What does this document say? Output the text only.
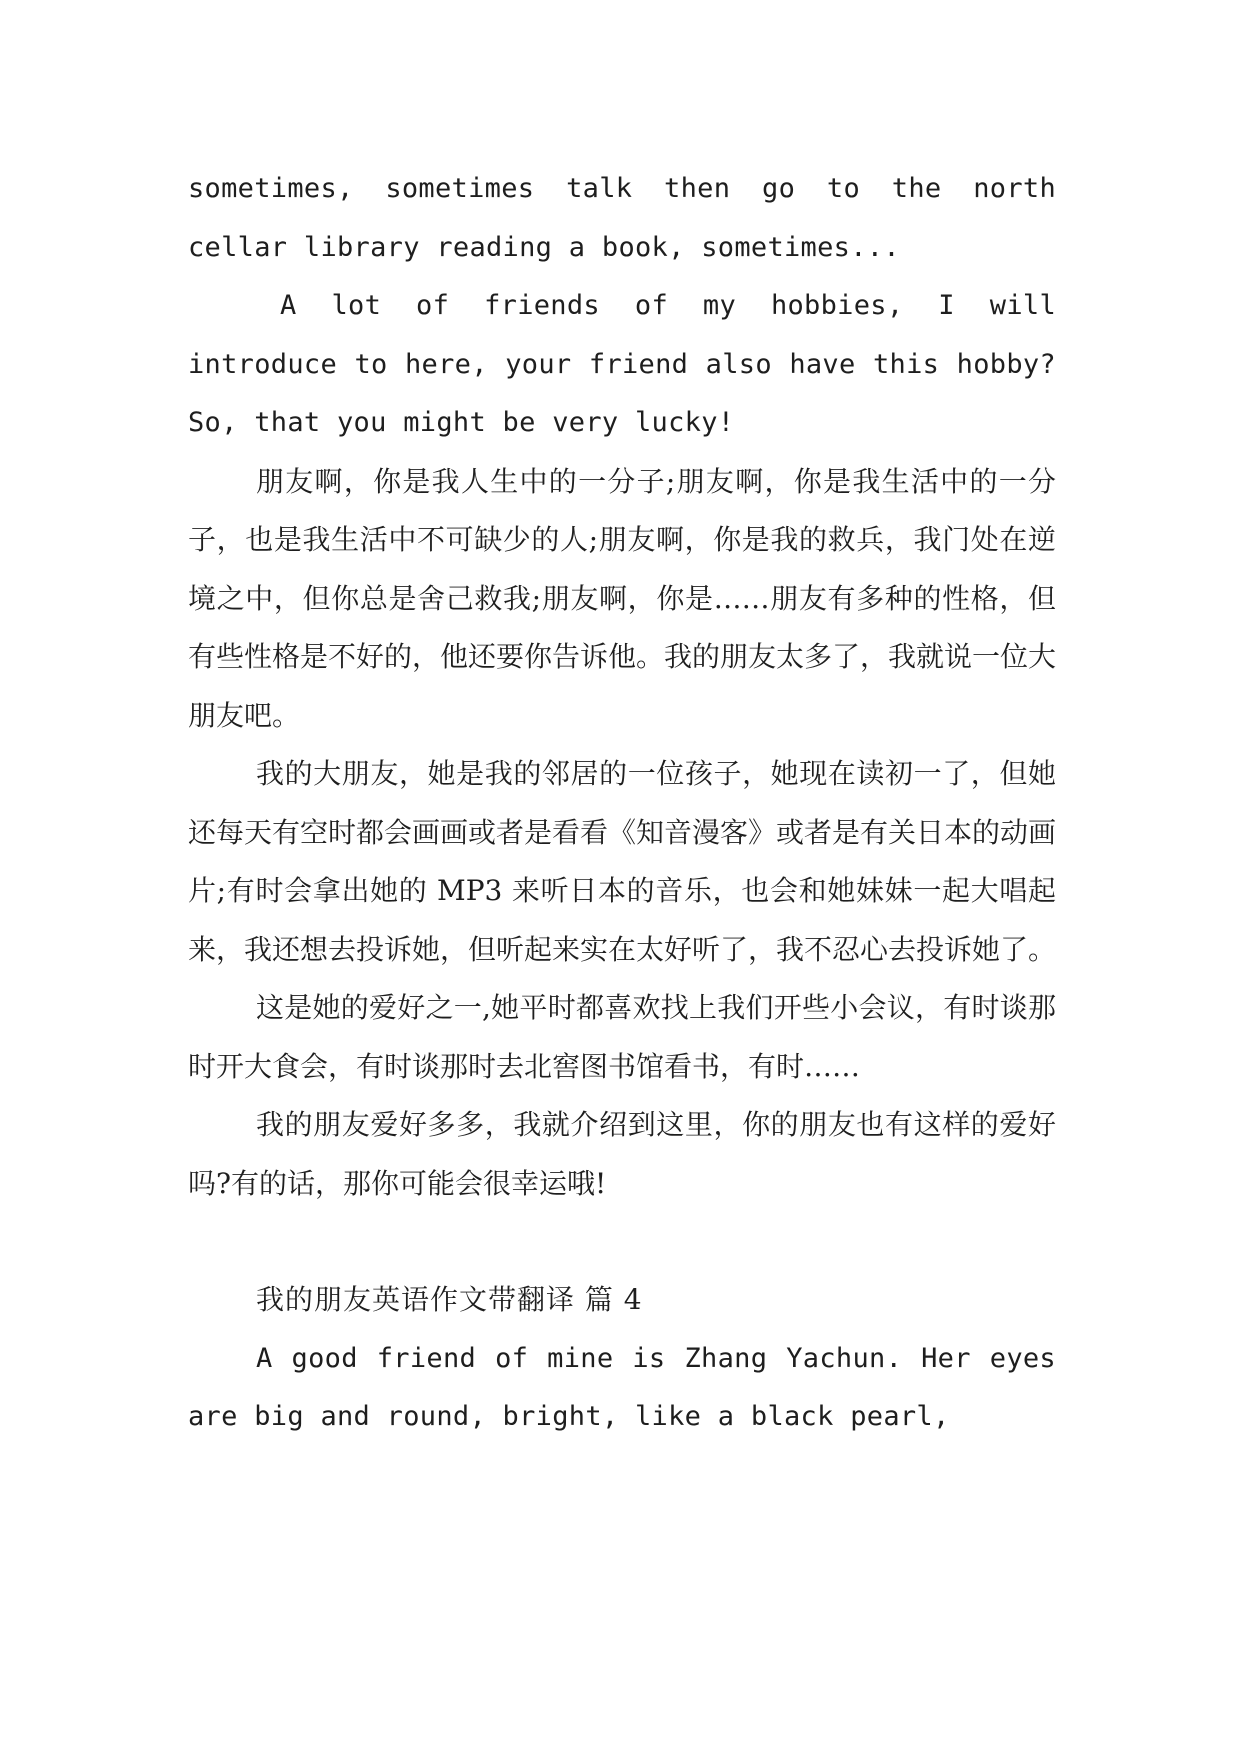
sometimes, sometimes talk then go to the north cellar library reading a book, sometimes...

A lot of friends of my hobbies, I will introduce to here, your friend also have this hobby? So, that you might be very lucky!

朋友啊，你是我人生中的一分子;朋友啊，你是我生活中的一分子，也是我生活中不可缺少的人;朋友啊，你是我的救兵，我门处在逆境之中，但你总是舍己救我;朋友啊，你是……朋友有多种的性格，但有些性格是不好的，他还要你告诉他。我的朋友太多了，我就说一位大朋友吧。

我的大朋友，她是我的邻居的一位孩子，她现在读初一了，但她还每天有空时都会画画或者是看看《知音漫客》或者是有关日本的动画片;有时会拿出她的 MP3 来听日本的音乐，也会和她妹妹一起大唱起来，我还想去投诉她，但听起来实在太好听了，我不忍心去投诉她了。

这是她的爱好之一,她平时都喜欢找上我们开些小会议，有时谈那时开大食会，有时谈那时去北窖图书馆看书，有时……

我的朋友爱好多多，我就介绍到这里，你的朋友也有这样的爱好吗?有的话，那你可能会很幸运哦!

我的朋友英语作文带翻译 篇 4

A good friend of mine is Zhang Yachun. Her eyes are big and round, bright, like a black pearl,
